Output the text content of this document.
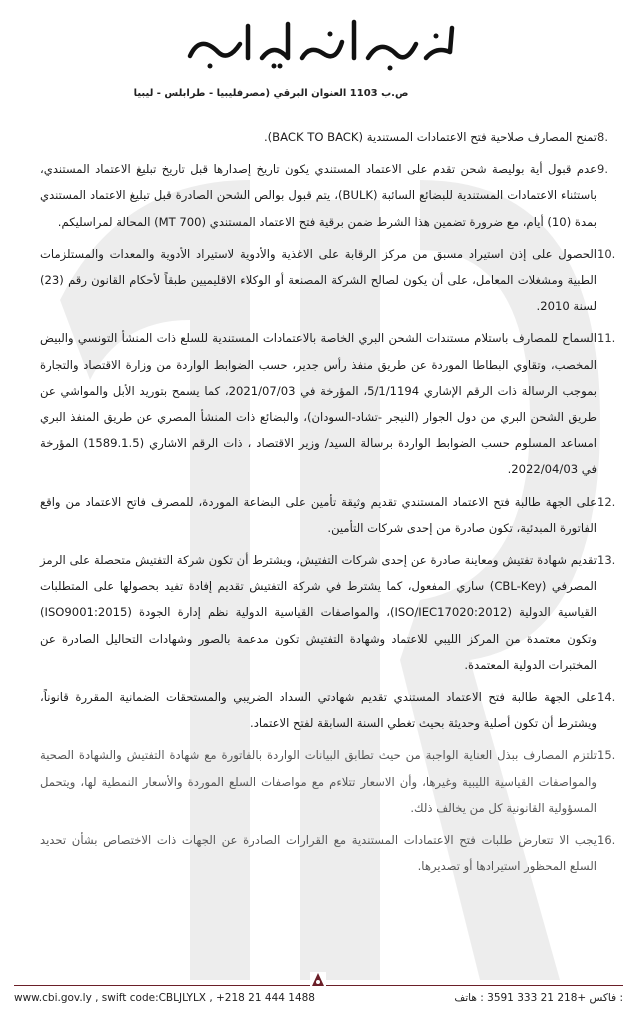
مصرف ليبيا المركزي
ص.ب 1103 العنوان البرقي (مصرفليبيا - طرابلس - ليبيا
8.
تمنح المصارف صلاحية فتح الاعتمادات المستندية (BACK TO BACK).
9.
عدم قبول أية بوليصة شحن تقدم على الاعتماد المستندي يكون تاريخ إصدارها قبل تاريخ تبليغ الاعتماد المستندي، باستثناء الاعتمادات المستندية للبضائع السائبة (BULK)، يتم قبول بوالص الشحن الصادرة قبل تبليغ الاعتماد المستندي بمدة (10) أيام، مع ضرورة تضمين هذا الشرط ضمن برقية فتح الاعتماد المستندي (MT 700) المحالة لمراسليكم.
10.
الحصول على إذن استيراد مسبق من مركز الرقابة على الاغذية والأدوية لاستيراد الأدوية والمعدات والمستلزمات الطبية ومشغلات المعامل، على أن يكون لصالح الشركة المصنعة أو الوكلاء الاقليميين طبقاً لأحكام القانون رقم (23) لسنة 2010.
11.
السماح للمصارف باستلام مستندات الشحن البري الخاصة بالاعتمادات المستندية للسلع ذات المنشأ التونسي والبيض المخصب، وتقاوي البطاطا الموردة عن طريق منفذ رأس جدير، حسب الضوابط الواردة من وزارة الاقتصاد والتجارة بموجب الرسالة ذات الرقم الإشاري 5/1/1194، المؤرخة في 2021/07/03، كما يسمح بتوريد الأبل والمواشي عن طريق الشحن البري من دول الجوار (النيجر -تشاد-السودان)، والبضائع ذات المنشأ المصري عن طريق المنفذ البري امساعد المسلوم حسب الضوابط الواردة برسالة السيد/ وزير الاقتصاد ، ذات الرقم الاشاري (1589.1.5) المؤرخة في 2022/04/03.
12.
على الجهة طالبة فتح الاعتماد المستندي تقديم وثيقة تأمين على البضاعة الموردة، للمصرف فاتح الاعتماد من واقع الفاتورة المبدئية، تكون صادرة من إحدى شركات التأمين.
13.
تقديم شهادة تفتيش ومعاينة صادرة عن إحدى شركات التفتيش، ويشترط أن تكون شركة التفتيش متحصلة على الرمز المصرفي (CBL-Key) ساري المفعول، كما يشترط في شركة التفتيش تقديم إفادة تفيد بحصولها على المتطلبات القياسية الدولية (ISO/IEC17020:2012)، والمواصفات القياسية الدولية نظم إدارة الجودة (ISO9001:2015) وتكون معتمدة من المركز الليبي للاعتماد وشهادة التفتيش تكون مدعمة بالصور وشهادات التحاليل الصادرة عن المختبرات الدولية المعتمدة.
14.
على الجهة طالبة فتح الاعتماد المستندي تقديم شهادتي السداد الضريبي والمستحقات الضمانية المقررة قانوناً، ويشترط أن تكون أصلية وحديثة بحيث تغطي السنة السابقة لفتح الاعتماد.
15.
تلتزم المصارف ببذل العناية الواجبة من حيث تطابق البيانات الواردة بالفاتورة مع شهادة التفتيش والشهادة الصحية والمواصفات القياسية الليبية وغيرها، وأن الاسعار تتلاءم مع مواصفات السلع الموردة والأسعار النمطية لها، ويتحمل المسؤولية القانونية كل من يخالف ذلك.
16.
يجب الا تتعارض طلبات فتح الاعتمادات المستندية مع القرارات الصادرة عن الجهات ذات الاختصاص بشأن تحديد السلع المحظور استيرادها أو تصديرها.
www.cbi.gov.ly , swift code:CBLJLYLX , +218 21 444 1488	: فاكس +218 21 333 3591 : هاتف
